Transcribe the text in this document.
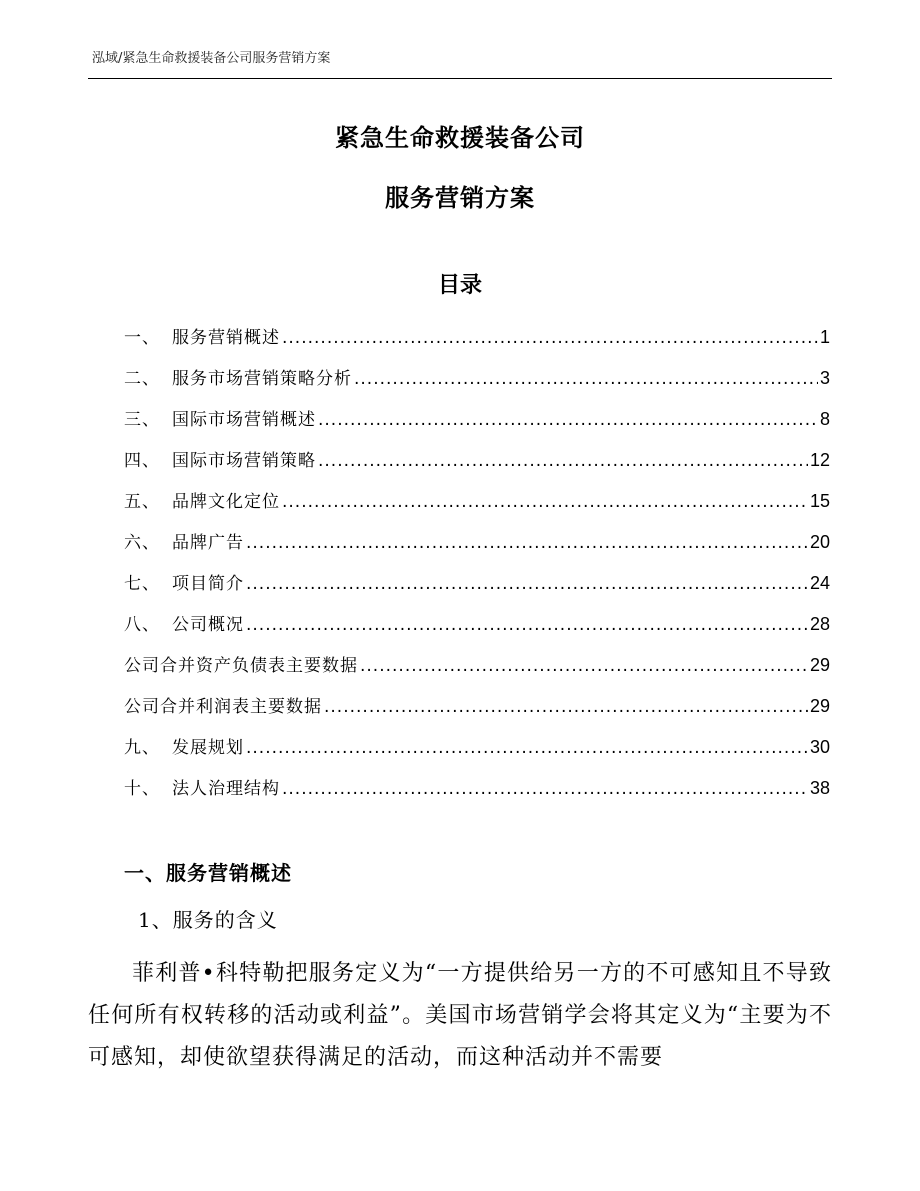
泓域/紧急生命救援装备公司服务营销方案
紧急生命救援装备公司
服务营销方案
目录
一、 服务营销概述 .....	1
二、 服务市场营销策略分析 .....	3
三、 国际市场营销概述 .....	8
四、 国际市场营销策略 .....	12
五、 品牌文化定位 .....	15
六、 品牌广告 .....	20
七、 项目简介 .....	24
八、 公司概况 .....	28
公司合并资产负债表主要数据 .....	29
公司合并利润表主要数据 .....	29
九、 发展规划 .....	30
十、 法人治理结构 .....	38
一、服务营销概述
1、服务的含义

菲利普•科特勒把服务定义为“一方提供给另一方的不可感知且不导致任何所有权转移的活动或利益”。美国市场营销学会将其定义为“主要为不可感知，却使欲望获得满足的活动，而这种活动并不需要
